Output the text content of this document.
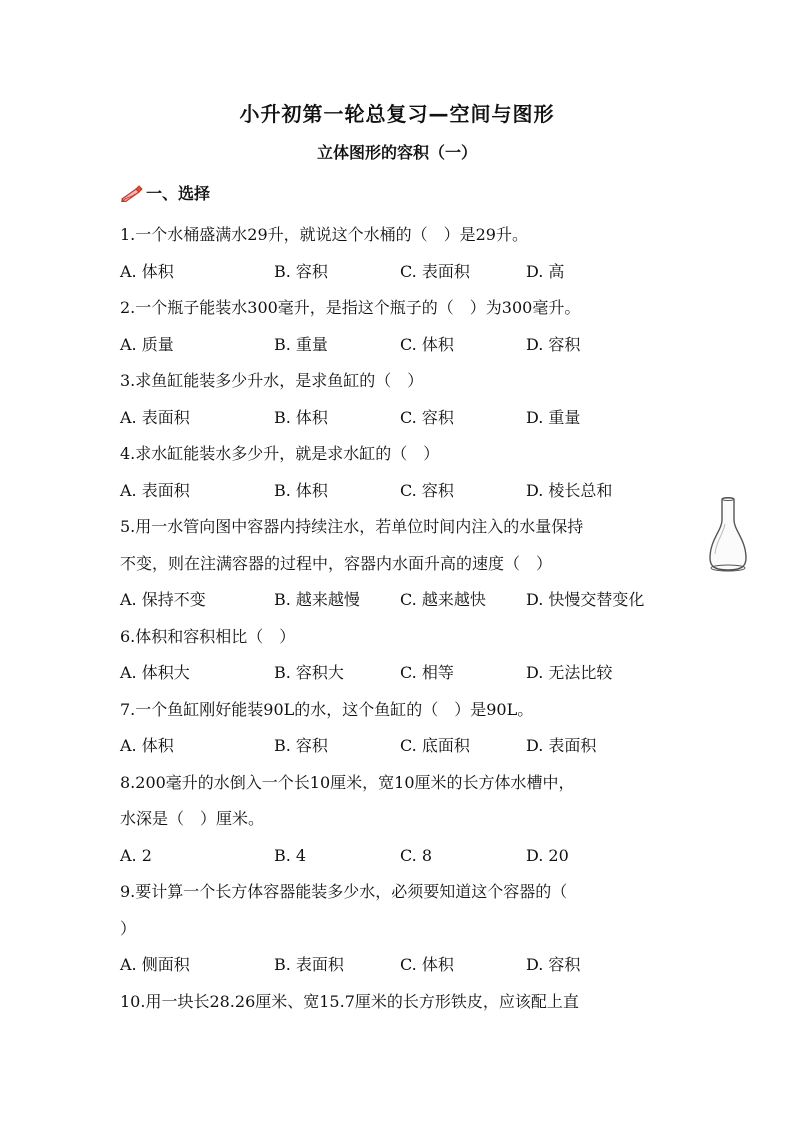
小升初第一轮总复习—空间与图形
立体图形的容积（一）
一、选择
1.一个水桶盛满水29升，就说这个水桶的（　）是29升。
A. 体积	B. 容积	C. 表面积	D. 高
2.一个瓶子能装水300毫升，是指这个瓶子的（　）为300毫升。
A. 质量	B. 重量	C. 体积	D. 容积
3.求鱼缸能装多少升水，是求鱼缸的（　）
A. 表面积	B. 体积	C. 容积	D. 重量
4.求水缸能装水多少升，就是求水缸的（　）
A. 表面积	B. 体积	C. 容积	D. 棱长总和
5.用一水管向图中容器内持续注水，若单位时间内注入的水量保持
不变，则在注满容器的过程中，容器内水面升高的速度（　）
A. 保持不变	B. 越来越慢	C. 越来越快	D. 快慢交替变化
6.体积和容积相比（　）
A. 体积大	B. 容积大	C. 相等	D. 无法比较
7.一个鱼缸刚好能装90L的水，这个鱼缸的（　）是90L。
A. 体积	B. 容积	C. 底面积	D. 表面积
8.200毫升的水倒入一个长10厘米，宽10厘米的长方体水槽中，
水深是（　）厘米。
A. 2	B. 4	C. 8	D. 20
9.要计算一个长方体容器能装多少水，必须要知道这个容器的（
）
A. 侧面积	B. 表面积	C. 体积	D. 容积
10.用一块长28.26厘米、宽15.7厘米的长方形铁皮，应该配上直
